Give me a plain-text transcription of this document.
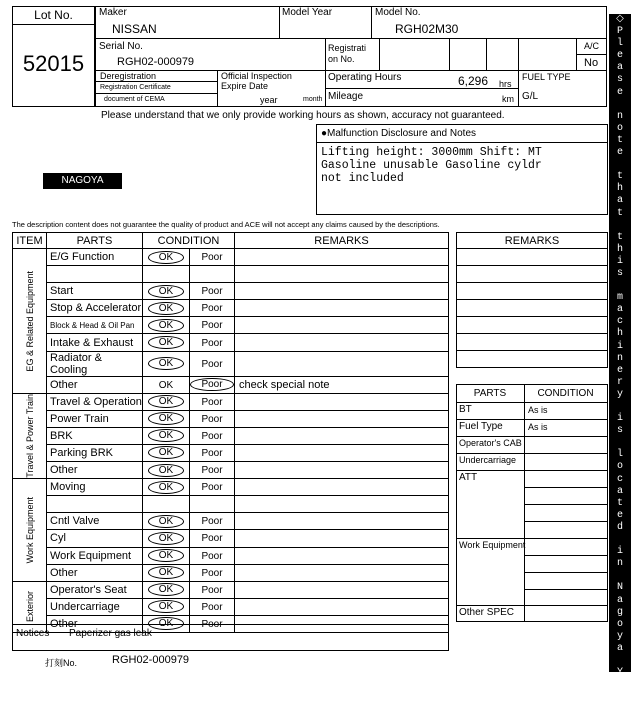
Lot No.
52015
Maker
NISSAN
Model Year	Model No.
RGH02M30
Serial No.
RGH02-000979
Registrati on No.
A/C
No
Deregistration
Registration Certificate
document of CEMA
Official Inspection Expire Date
year	month
Operating Hours	6,296 hrs
Mileage	km
FUEL TYPE
G/L
Please understand that we only provide working hours as shown, accuracy not guaranteed.
NAGOYA
●Malfunction Disclosure and Notes
Lifting height: 3000mm Shift: MT Gasoline unusable Gasoline cyldr not included
The description content does not guarantee the quality of product and ACE will not accept any claims caused by the descriptions.
ITEM	PARTS	CONDITION		REMARKS

EG & Related Equipment	E/G Function	OK	Poor	

	Start	OK	Poor	
	Stop & Accelerator	OK	Poor	
	Block & Head & Oil Pan	OK	Poor	
	Intake & Exhaust	OK	Poor	
	Radiator & Cooling	OK	Poor	
	Other	OK	Poor	check special note

Travel & Power Train	Travel & Operation	OK	Poor	
	Power Train	OK	Poor	
	BRK	OK	Poor	
	Parking BRK	OK	Poor	
	Other	OK	Poor	

Work Equipment	Moving	OK	Poor	

	Cntl Valve	OK	Poor	
	Cyl	OK	Poor	
	Work Equipment	OK	Poor	
	Other	OK	Poor	

Exterior	Operator's Seat	OK	Poor	
	Undercarriage	OK	Poor	
	Other	OK	Poor	
REMARKS

PARTS	CONDITION
BT	As is
Fuel Type	As is
Operator's CAB
Undercarriage
ATT
Work Equipment
Other SPEC
Notices Paperizer gas leak
打刻No.	RGH02-000979
◇
P
l
e
a
s
e

n
o
t
e

t
h
a
t

t
h
i
s

m
a
c
h
i
n
e
r
y

i
s

l
o
c
a
t
e
d

i
n

N
a
g
o
y
a

Y
a
r
d
◇
